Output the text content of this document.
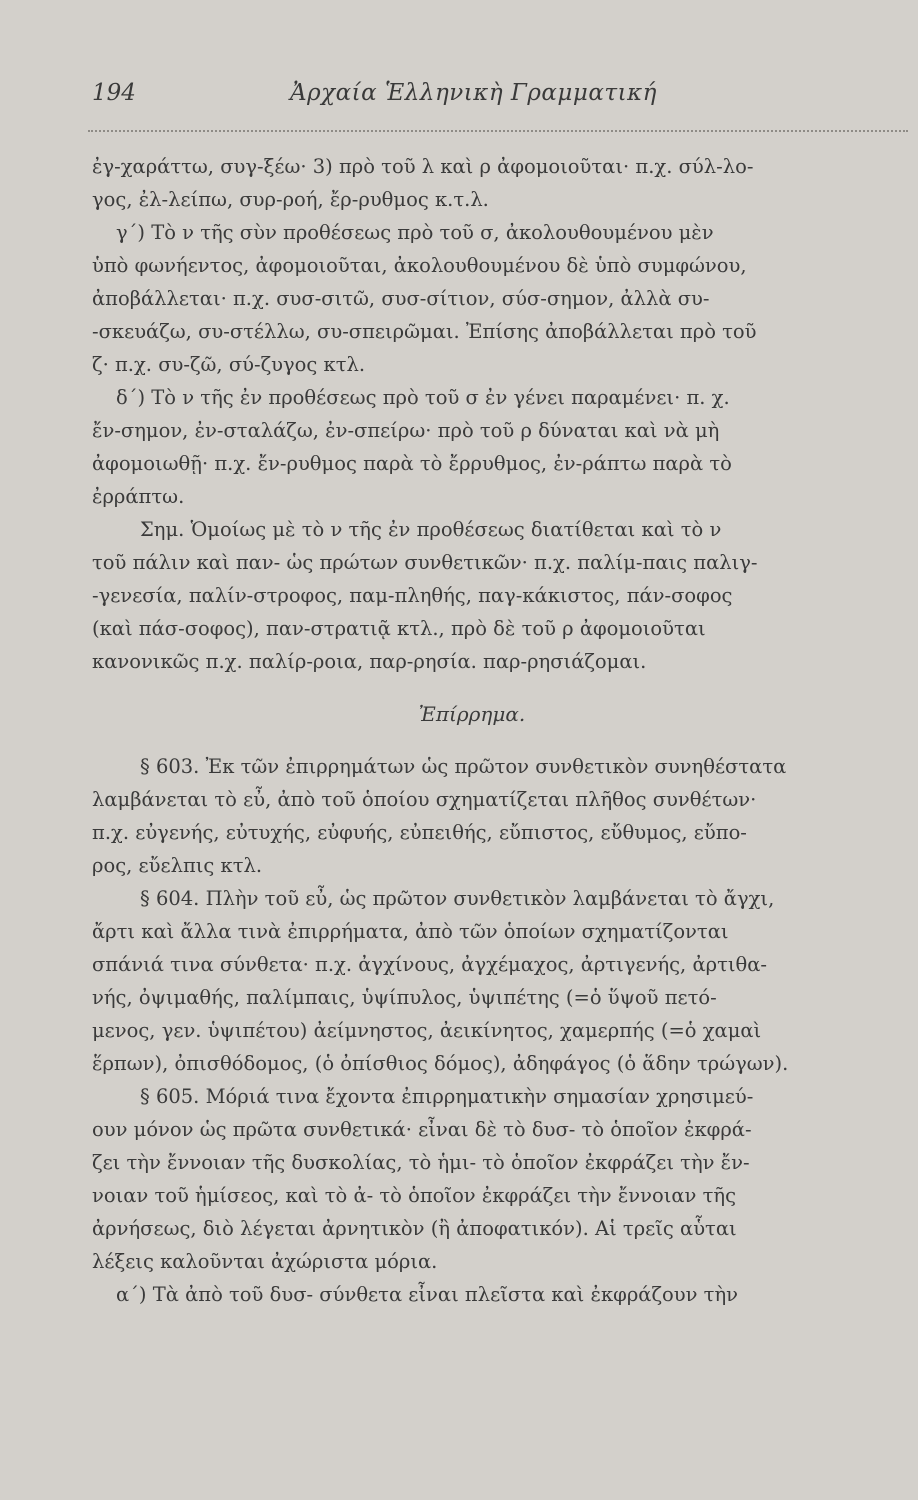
194	Ἀρχαία Ἑλληνικὴ Γραμματική
ἐγ-χαράττω, συγ-ξέω· 3) πρὸ τοῦ λ καὶ ρ ἀφομοιοῦται· π.χ. σύλ-λο-
γος, ἐλ-λείπω, συρ-ροή, ἔρ-ρυθμος κ.τ.λ.
γ´) Τὸ ν τῆς σὺν προθέσεως πρὸ τοῦ σ, ἀκολουθουμένου μὲν
ὑπὸ φωνήεντος, ἀφομοιοῦται, ἀκολουθουμένου δὲ ὑπὸ συμφώνου,
ἀποβάλλεται· π.χ. συσ-σιτῶ, συσ-σίτιον, σύσ-σημον, ἀλλὰ συ-
-σκευάζω, συ-στέλλω, συ-σπειρῶμαι. Ἐπίσης ἀποβάλλεται πρὸ τοῦ
ζ· π.χ. συ-ζῶ, σύ-ζυγος κτλ.
δ´) Τὸ ν τῆς ἐν προθέσεως πρὸ τοῦ σ ἐν γένει παραμένει· π. χ.
ἔν-σημον, ἐν-σταλάζω, ἐν-σπείρω· πρὸ τοῦ ρ δύναται καὶ νὰ μὴ
ἀφομοιωθῇ· π.χ. ἔν-ρυθμος παρὰ τὸ ἔρρυθμος, ἐν-ράπτω παρὰ τὸ
ἐρράπτω.
Σημ. Ὁμοίως μὲ τὸ ν τῆς ἐν προθέσεως διατίθεται καὶ τὸ ν
τοῦ πάλιν καὶ παν- ὡς πρώτων συνθετικῶν· π.χ. παλίμ-παις παλιγ-
-γενεσία, παλίν-στροφος, παμ-πληθής, παγ-κάκιστος, πάν-σοφος
(καὶ πάσ-σοφος), παν-στρατιᾷ κτλ., πρὸ δὲ τοῦ ρ ἀφομοιοῦται
κανονικῶς π.χ. παλίρ-ροια, παρ-ρησία. παρ-ρησιάζομαι.
Ἐπίρρημα.
§ 603. Ἐκ τῶν ἐπιρρημάτων ὡς πρῶτον συνθετικὸν συνηθέστατα
λαμβάνεται τὸ εὖ, ἀπὸ τοῦ ὁποίου σχηματίζεται πλῆθος συνθέτων·
π.χ. εὐγενής, εὐτυχής, εὐφυής, εὐπειθής, εὔπιστος, εὔθυμος, εὔπο-
ρος, εὔελπις κτλ.
§ 604. Πλὴν τοῦ εὖ, ὡς πρῶτον συνθετικὸν λαμβάνεται τὸ ἄγχι,
ἄρτι καὶ ἄλλα τινὰ ἐπιρρήματα, ἀπὸ τῶν ὁποίων σχηματίζονται
σπάνιά τινα σύνθετα· π.χ. ἀγχίνους, ἀγχέμαχος, ἀρτιγενής, ἀρτιθα-
νής, ὀψιμαθής, παλίμπαις, ὑψίπυλος, ὑψιπέτης (=ὁ ὕψοῦ πετό-
μενος, γεν. ὑψιπέτου) ἀείμνηστος, ἀεικίνητος, χαμερπής (=ὁ χαμαὶ
ἕρπων), ὀπισθόδομος, (ὁ ὀπίσθιος δόμος), ἀδηφάγος (ὁ ἅδην τρώγων).
§ 605. Μόριά τινα ἔχοντα ἐπιρρηματικὴν σημασίαν χρησιμεύ-
ουν μόνον ὡς πρῶτα συνθετικά· εἶναι δὲ τὸ δυσ- τὸ ὁποῖον ἐκφρά-
ζει τὴν ἔννοιαν τῆς δυσκολίας, τὸ ἡμι- τὸ ὁποῖον ἐκφράζει τὴν ἔν-
νοιαν τοῦ ἡμίσεος, καὶ τὸ ἀ- τὸ ὁποῖον ἐκφράζει τὴν ἔννοιαν τῆς
ἀρνήσεως, διὸ λέγεται ἀρνητικὸν (ἢ ἀποφατικόν). Αἱ τρεῖς αὗται
λέξεις καλοῦνται ἀχώριστα μόρια.
α´) Τὰ ἀπὸ τοῦ δυσ- σύνθετα εἶναι πλεῖστα καὶ ἐκφράζουν τὴν
